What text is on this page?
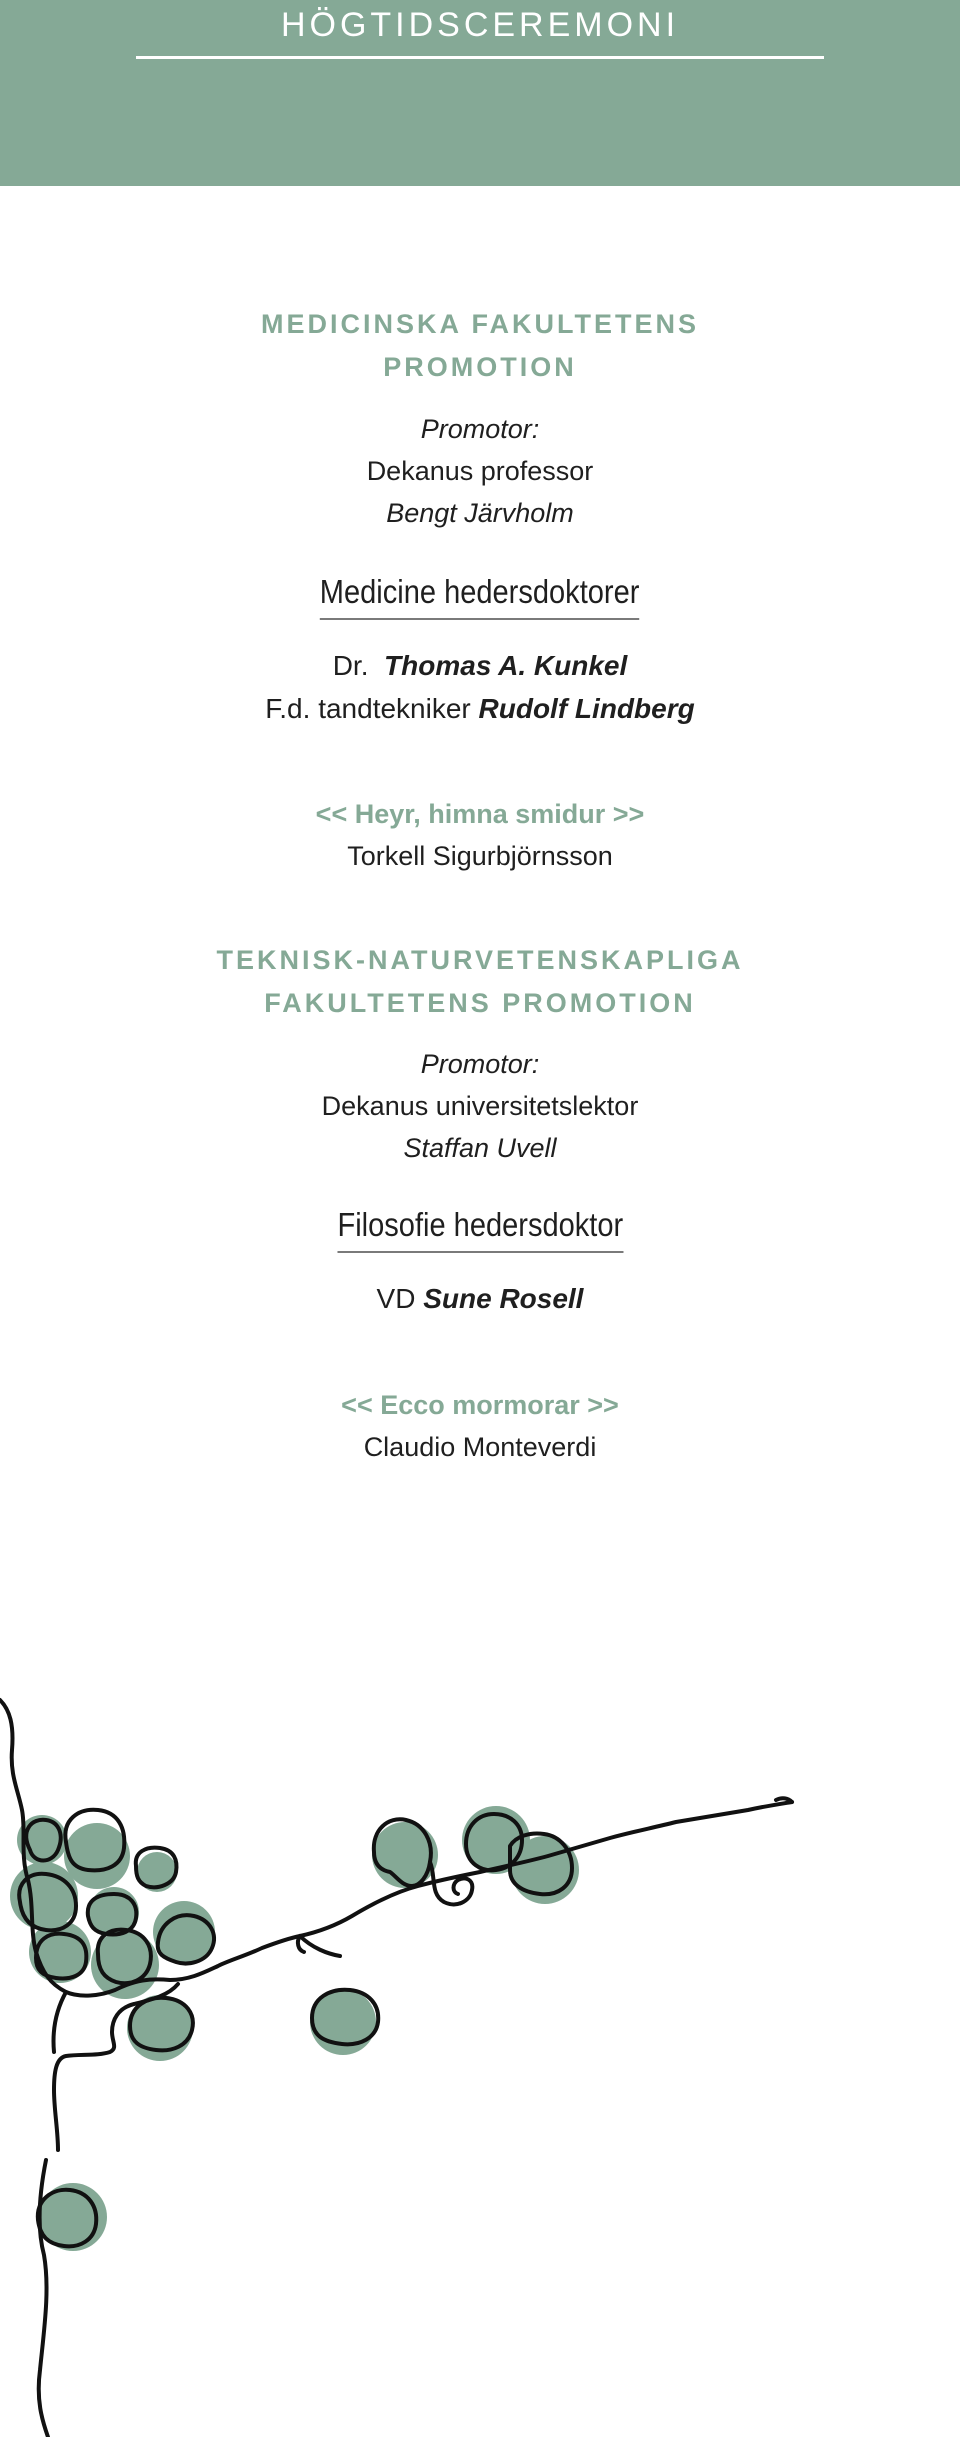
HÖGTIDSCEREMONI
MEDICINSKA FAKULTETENS
PROMOTION
Promotor:
Dekanus professor
Bengt Järvholm
Medicine hedersdoktorer
Dr. Thomas A. Kunkel
F.d. tandtekniker Rudolf Lindberg
<< Heyr, himna smidur >>
Torkell Sigurbjörnsson
TEKNISK-NATURVETENSKAPLIGA
FAKULTETENS PROMOTION
Promotor:
Dekanus universitetslektor
Staffan Uvell
Filosofie hedersdoktor
VD Sune Rosell
<< Ecco mormorar >>
Claudio Monteverdi
